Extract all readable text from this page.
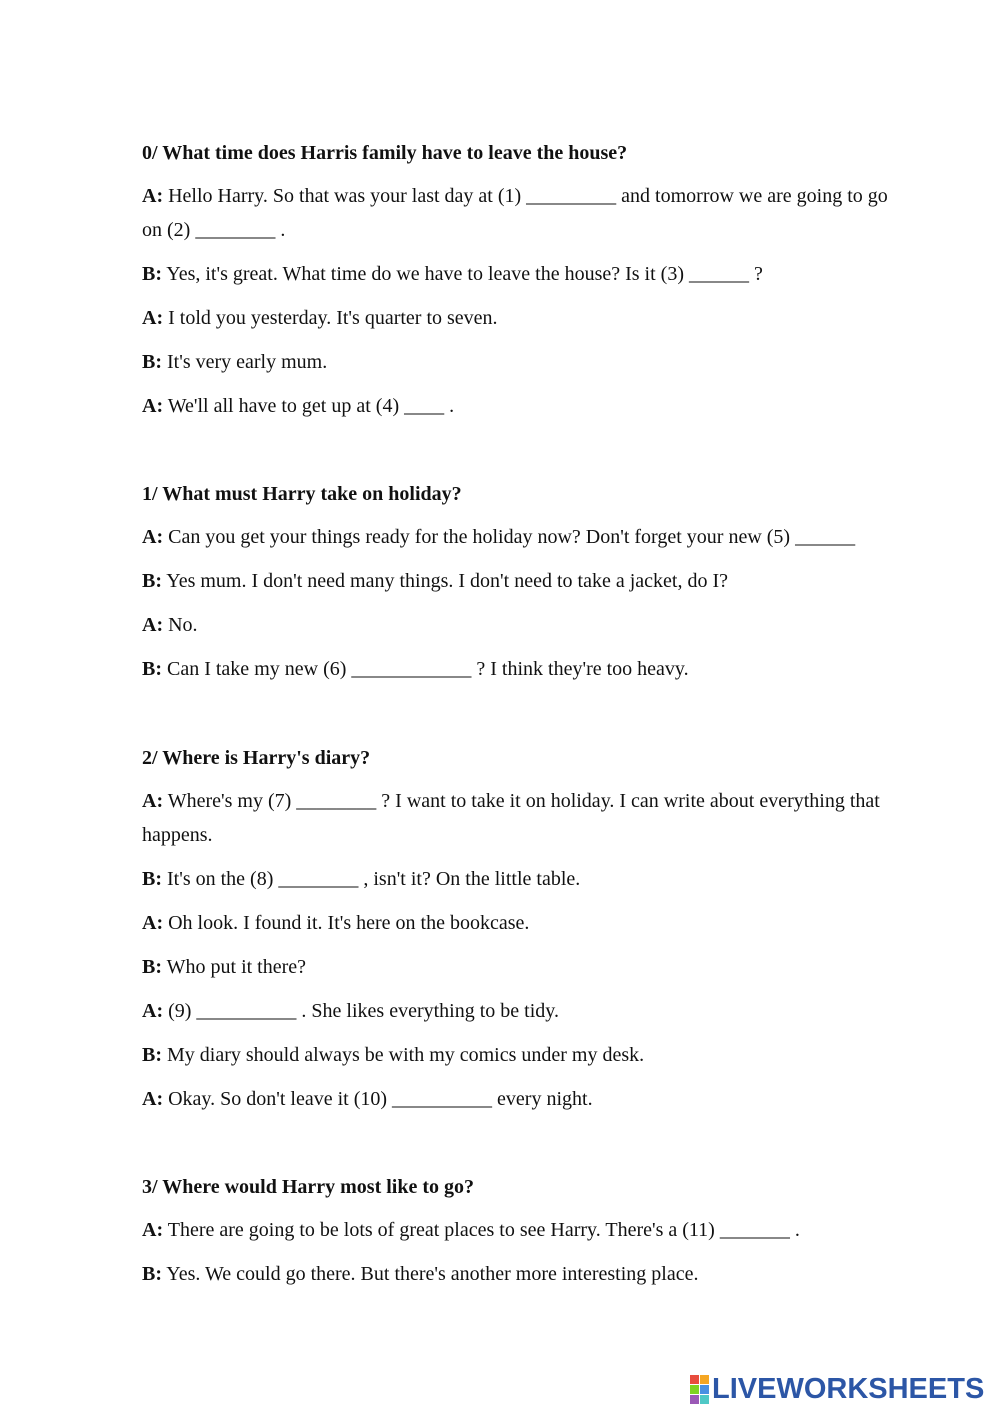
0/ What time does Harris family have to leave the house?

A: Hello Harry. So that was your last day at (1) _________ and tomorrow we are going to go on (2) ________ .

B: Yes, it's great. What time do we have to leave the house? Is it (3) ______ ?

A: I told you yesterday. It's quarter to seven.

B: It's very early mum.

A: We'll all have to get up at (4) ____ .

1/ What must Harry take on holiday?

A: Can you get your things ready for the holiday now? Don't forget your new (5) ______

B: Yes mum. I don't need many things. I don't need to take a jacket, do I?

A: No.

B: Can I take my new (6) ____________ ? I think they're too heavy.

2/ Where is Harry's diary?

A: Where's my (7) ________ ? I want to take it on holiday. I can write about everything that happens.

B: It's on the (8) ________ , isn't it? On the little table.

A: Oh look. I found it. It's here on the bookcase.

B: Who put it there?

A: (9) __________ . She likes everything to be tidy.

B: My diary should always be with my comics under my desk.

A: Okay. So don't leave it (10) __________ every night.

3/ Where would Harry most like to go?

A: There are going to be lots of great places to see Harry. There's a (11) _______ .

B: Yes. We could go there. But there's another more interesting place.

LIVEWORKSHEETS
